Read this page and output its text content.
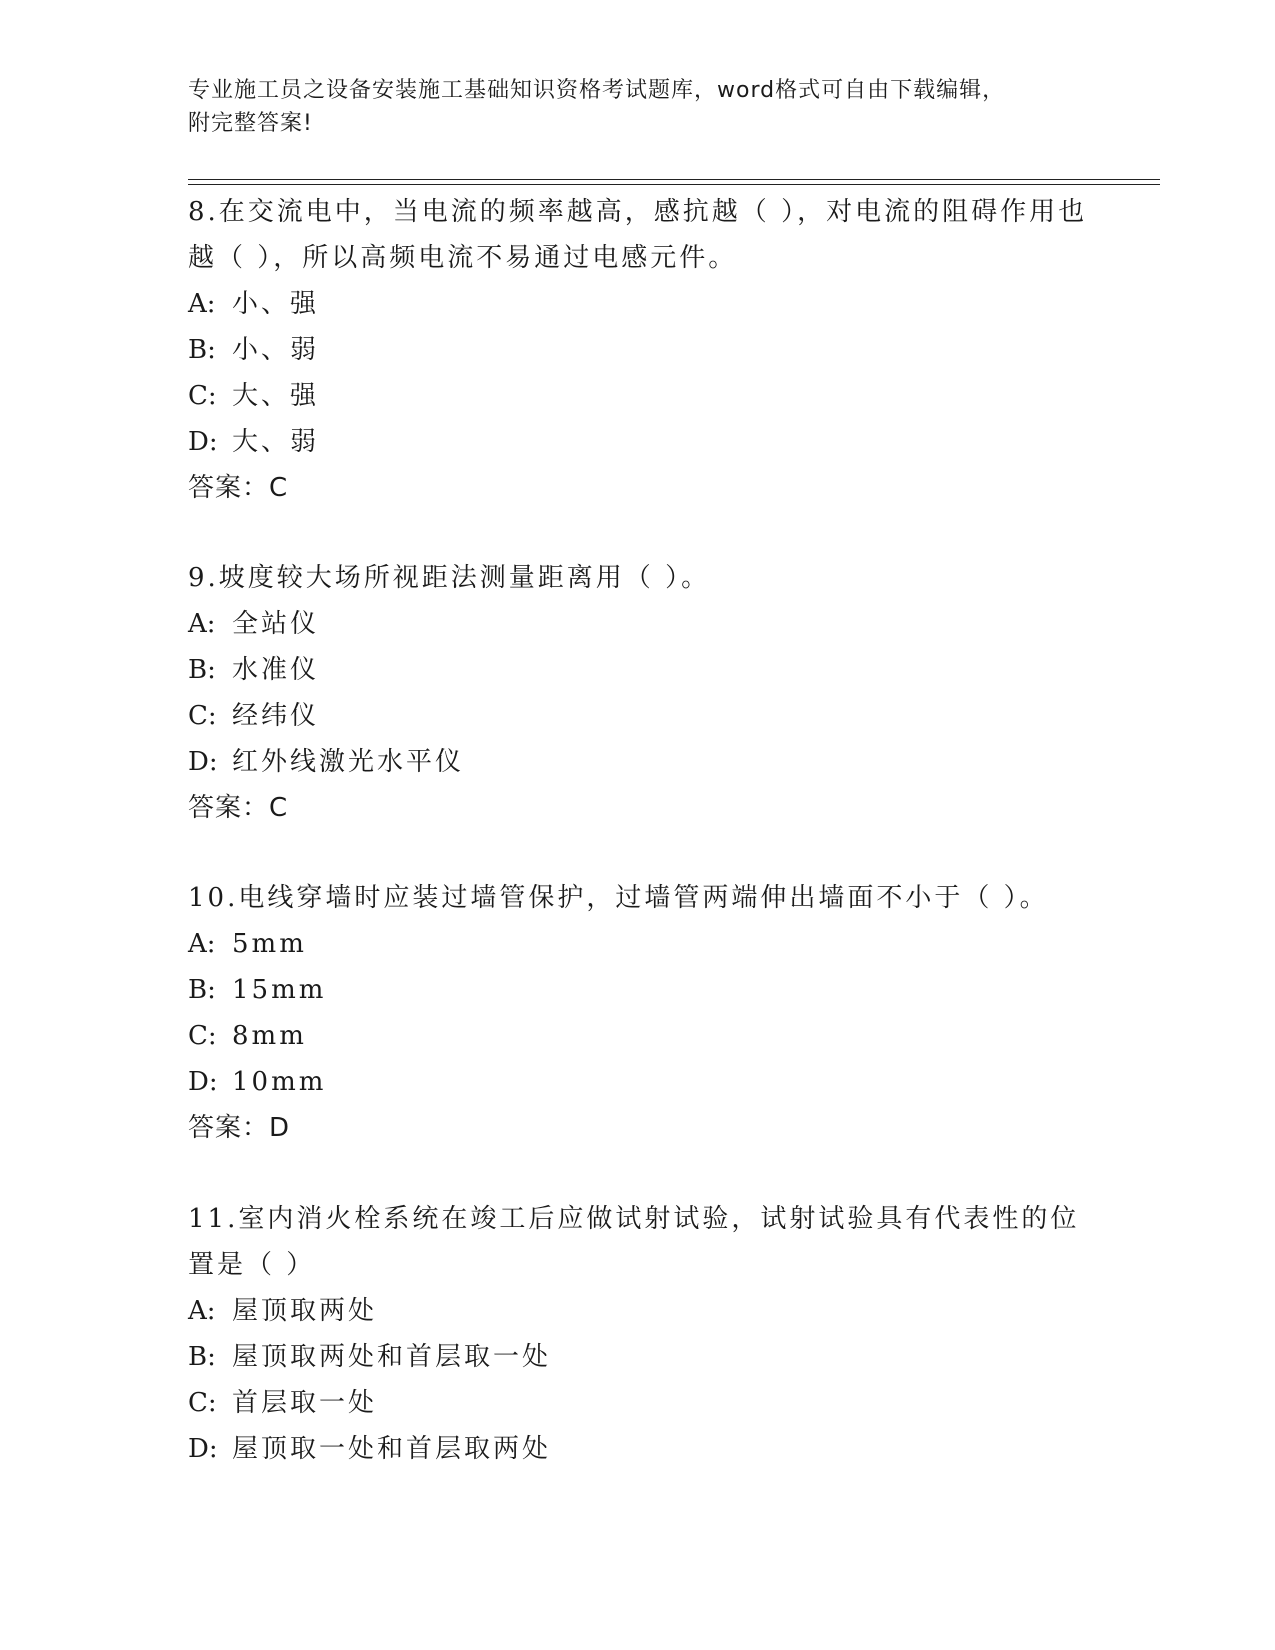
专业施工员之设备安装施工基础知识资格考试题库，word格式可自由下载编辑，
附完整答案!
8.在交流电中，当电流的频率越高，感抗越（ ），对电流的阻碍作用也越（ ），所以高频电流不易通过电感元件。
A: 小、强
B: 小、弱
C: 大、强
D: 大、弱
答案：C
9.坡度较大场所视距法测量距离用（ ）。
A: 全站仪
B: 水准仪
C: 经纬仪
D: 红外线激光水平仪
答案：C
10.电线穿墙时应装过墙管保护，过墙管两端伸出墙面不小于（ ）。
A: 5mm
B: 15mm
C: 8mm
D: 10mm
答案：D
11.室内消火栓系统在竣工后应做试射试验，试射试验具有代表性的位置是（ ）
A: 屋顶取两处
B: 屋顶取两处和首层取一处
C: 首层取一处
D: 屋顶取一处和首层取两处
